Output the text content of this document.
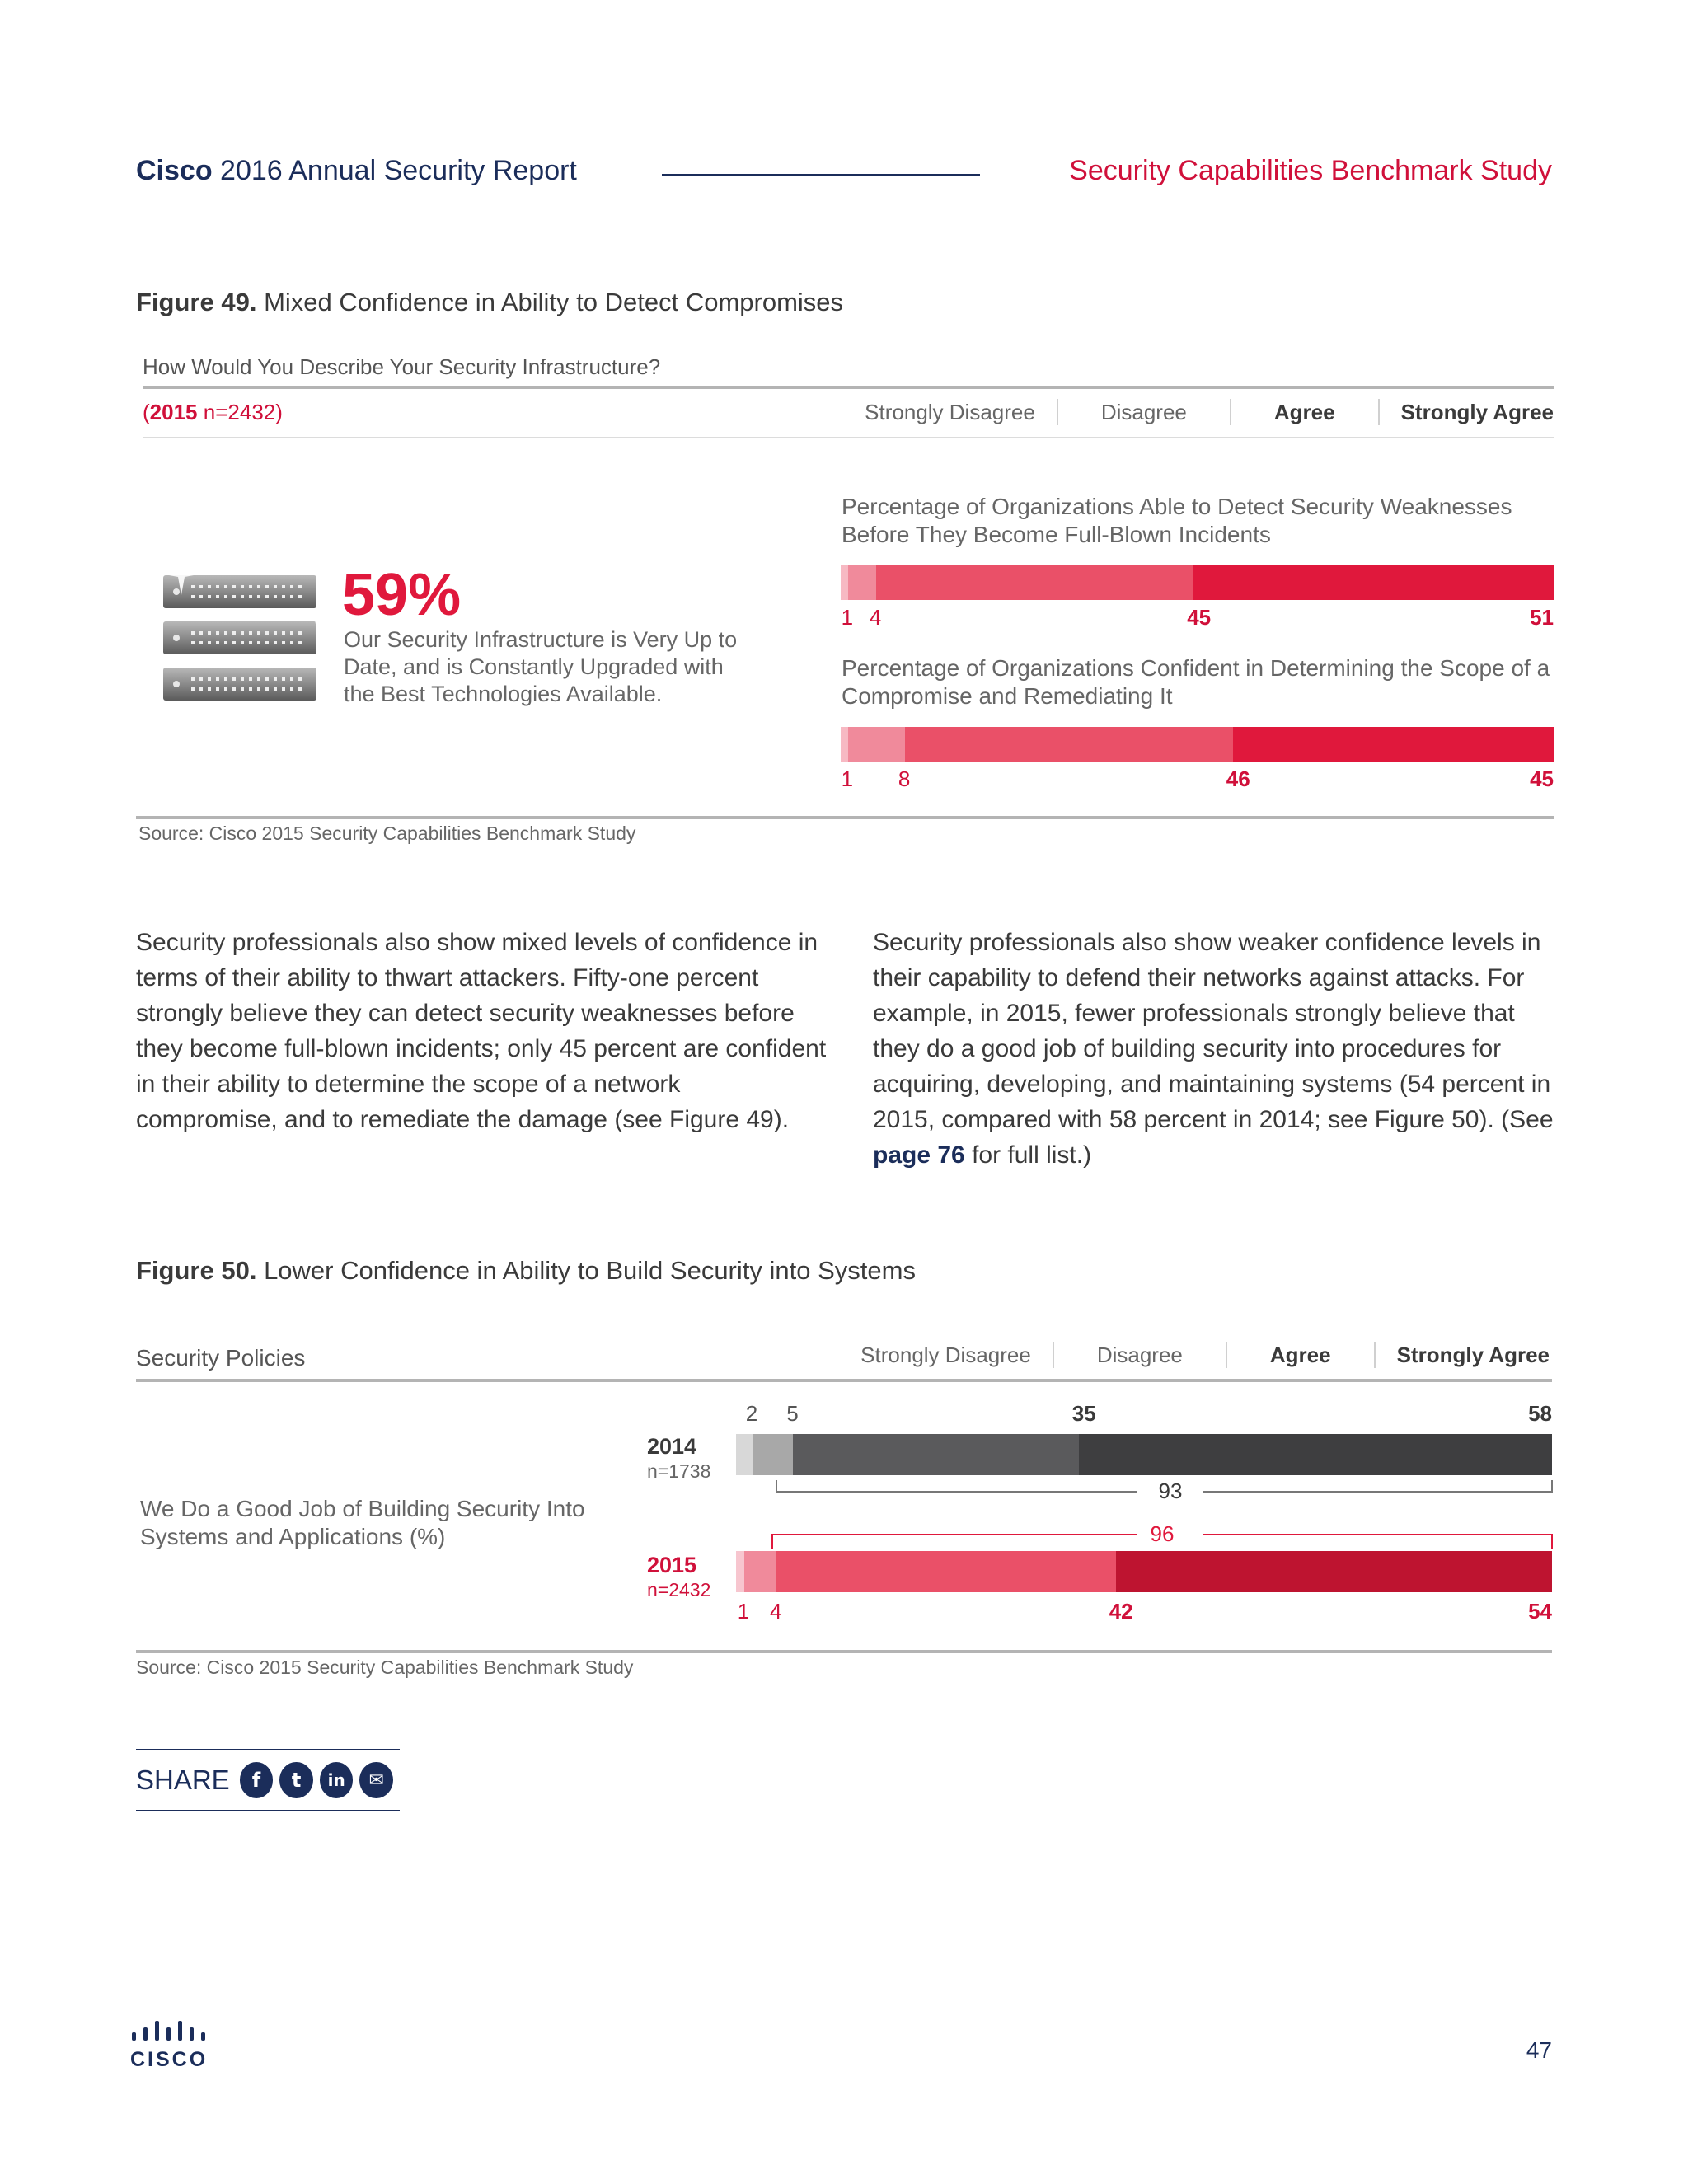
Cisco 2016 Annual Security Report	Security Capabilities Benchmark Study
Figure 49. Mixed Confidence in Ability to Detect Compromises
How Would You Describe Your Security Infrastructure?
(2015 n=2432)	Strongly Disagree	Disagree	Agree	Strongly Agree
59%
Our Security Infrastructure is Very Up to Date, and is Constantly Upgraded with the Best Technologies Available.
Percentage of Organizations Able to Detect Security Weaknesses Before They Become Full-Blown Incidents
1 4	45	51
Percentage of Organizations Confident in Determining the Scope of a Compromise and Remediating It
1 8	46	45
Source: Cisco 2015 Security Capabilities Benchmark Study
Security professionals also show mixed levels of confidence in terms of their ability to thwart attackers. Fifty-one percent strongly believe they can detect security weaknesses before they become full-blown incidents; only 45 percent are confident in their ability to determine the scope of a network compromise, and to remediate the damage (see Figure 49).
Security professionals also show weaker confidence levels in their capability to defend their networks against attacks. For example, in 2015, fewer professionals strongly believe that they do a good job of building security into procedures for acquiring, developing, and maintaining systems (54 percent in 2015, compared with 58 percent in 2014; see Figure 50). (See page 76 for full list.)
Figure 50. Lower Confidence in Ability to Build Security into Systems
Security Policies	Strongly Disagree	Disagree	Agree	Strongly Agree
We Do a Good Job of Building Security Into Systems and Applications (%)
2 5	35	58
2014
n=1738
93
96
2015
n=2432
1 4	42	54
Source: Cisco 2015 Security Capabilities Benchmark Study
SHARE	f	t	in	✉
CISCO	47
